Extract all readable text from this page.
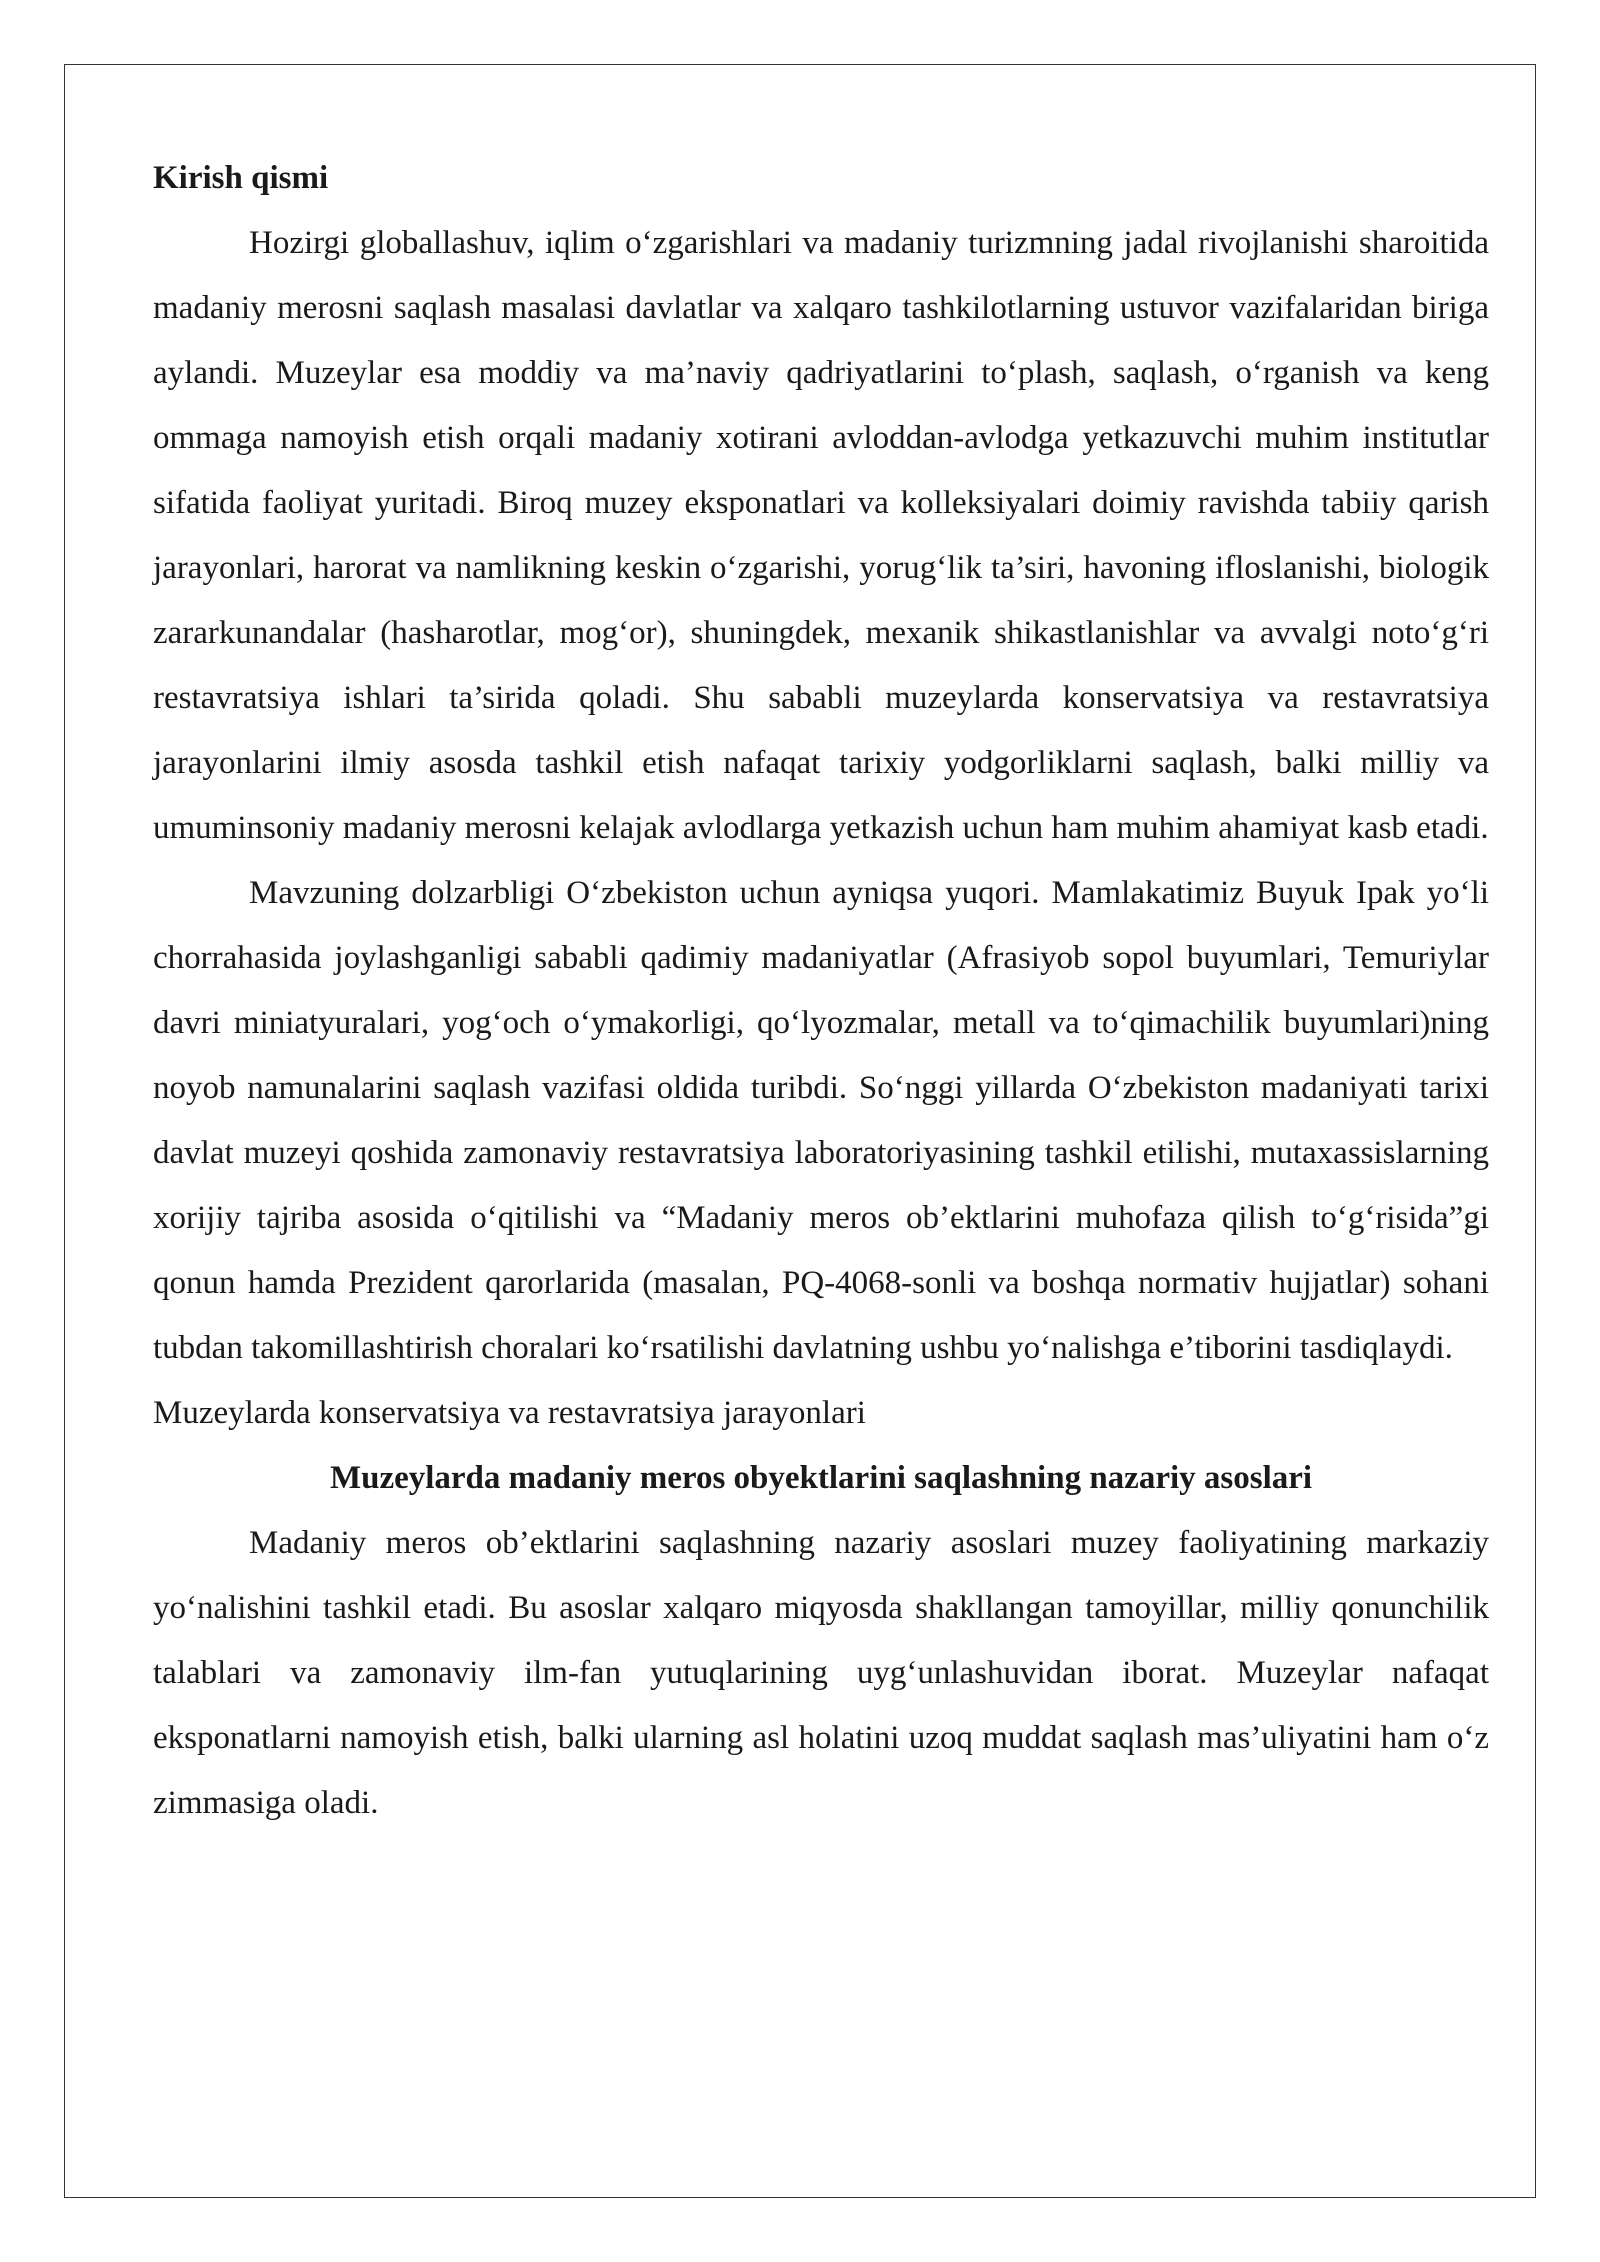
Kirish qismi

Hozirgi globallashuv, iqlim o‘zgarishlari va madaniy turizmning jadal rivojlanishi sharoitida madaniy merosni saqlash masalasi davlatlar va xalqaro tashkilotlarning ustuvor vazifalaridan biriga aylandi. Muzeylar esa moddiy va ma’naviy qadriyatlarini to‘plash, saqlash, o‘rganish va keng ommaga namoyish etish orqali madaniy xotirani avloddan-avlodga yetkazuvchi muhim institutlar sifatida faoliyat yuritadi. Biroq muzey eksponatlari va kolleksiyalari doimiy ravishda tabiiy qarish jarayonlari, harorat va namlikning keskin o‘zgarishi, yorug‘lik ta’siri, havoning ifloslanishi, biologik zararkunandalar (hasharotlar, mog‘or), shuningdek, mexanik shikastlanishlar va avvalgi noto‘g‘ri restavratsiya ishlari ta’sirida qoladi. Shu sababli muzeylarda konservatsiya va restavratsiya jarayonlarini ilmiy asosda tashkil etish nafaqat tarixiy yodgorliklarni saqlash, balki milliy va umuminsoniy madaniy merosni kelajak avlodlarga yetkazish uchun ham muhim ahamiyat kasb etadi.

Mavzuning dolzarbligi O‘zbekiston uchun ayniqsa yuqori. Mamlakatimiz Buyuk Ipak yo‘li chorrahasida joylashganligi sababli qadimiy madaniyatlar (Afrasiyob sopol buyumlari, Temuriylar davri miniatyuralari, yog‘och o‘ymakorligi, qo‘lyozmalar, metall va to‘qimachilik buyumlari)ning noyob namunalarini saqlash vazifasi oldida turibdi. So‘nggi yillarda O‘zbekiston madaniyati tarixi davlat muzeyi qoshida zamonaviy restavratsiya laboratoriyasining tashkil etilishi, mutaxassislarning xorijiy tajriba asosida o‘qitilishi va “Madaniy meros ob’ektlarini muhofaza qilish to‘g‘risida”gi qonun hamda Prezident qarorlarida (masalan, PQ-4068-sonli va boshqa normativ hujjatlar) sohani tubdan takomillashtirish choralari ko‘rsatilishi davlatning ushbu yo‘nalishga e’tiborini tasdiqlaydi.

Muzeylarda konservatsiya va restavratsiya jarayonlari

Muzeylarda madaniy meros obyektlarini saqlashning nazariy asoslari

Madaniy meros ob’ektlarini saqlashning nazariy asoslari muzey faoliyatining markaziy yo‘nalishini tashkil etadi. Bu asoslar xalqaro miqyosda shakllangan tamoyillar, milliy qonunchilik talablari va zamonaviy ilm-fan yutuqlarining uyg‘unlashuvidan iborat. Muzeylar nafaqat eksponatlarni namoyish etish, balki ularning asl holatini uzoq muddat saqlash mas’uliyatini ham o‘z zimmasiga oladi.
